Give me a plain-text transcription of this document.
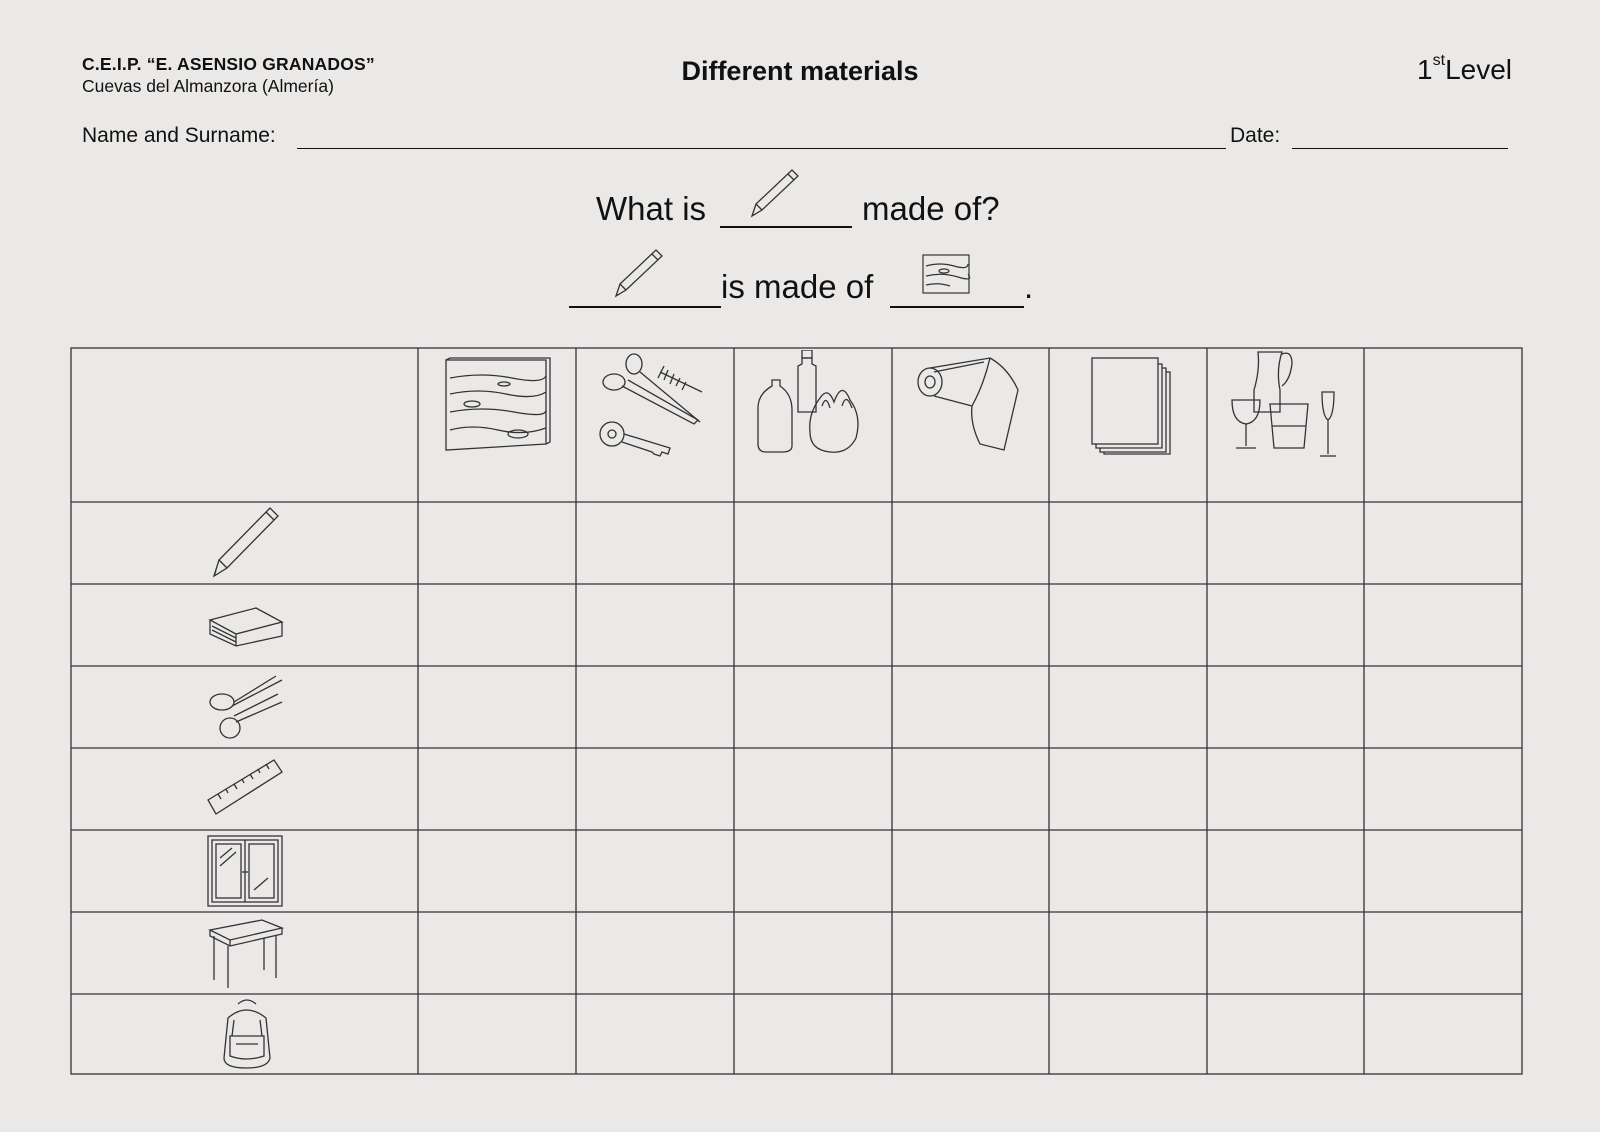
C.E.I.P. “E. ASENSIO GRANADOS”
Cuevas del Almanzora (Almería)	Different materials	1stLevel
Name and Surname:	Date:
What is	made of?
is made of	.
